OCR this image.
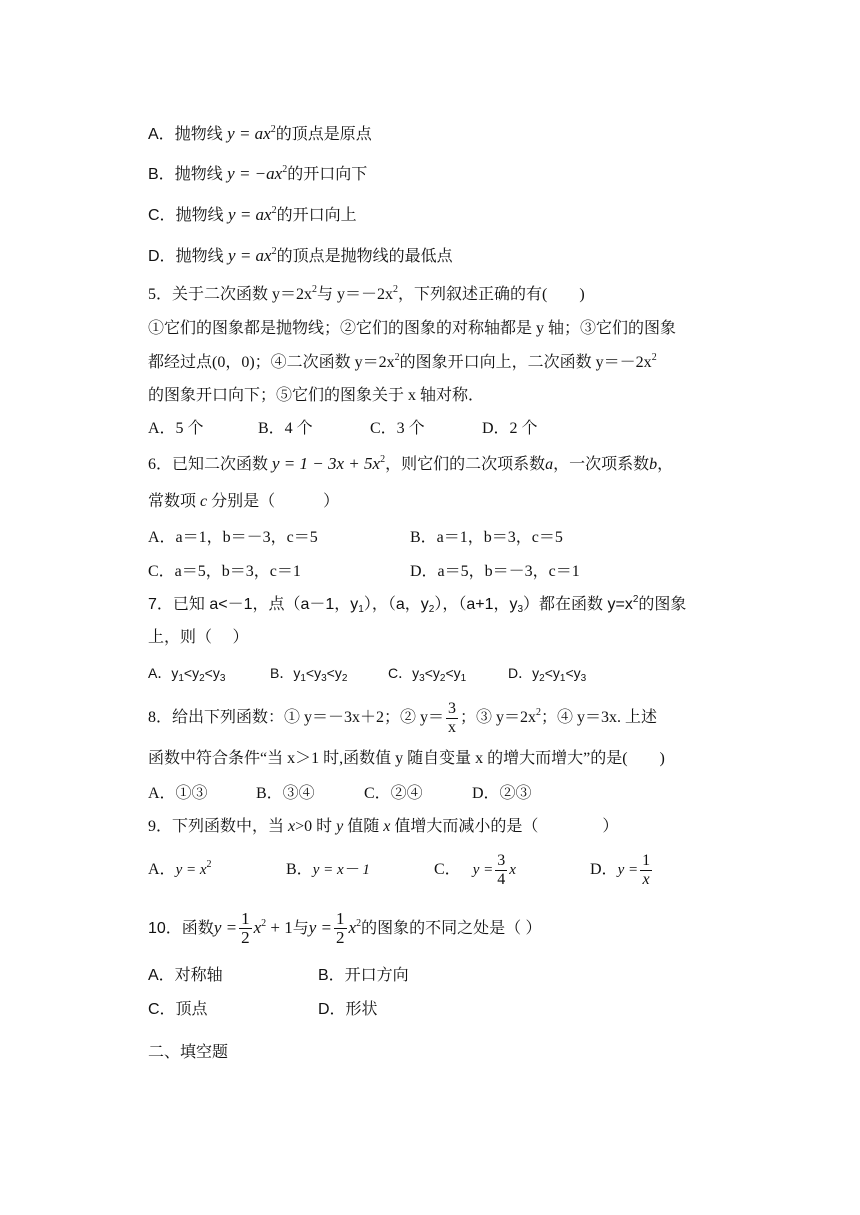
A．抛物线 $y = ax^2$的顶点是原点
B．抛物线 $y = -ax^2$的开口向下
C．抛物线 $y = ax^2$的开口向上
D．抛物线 $y = ax^2$的顶点是抛物线的最低点
5．关于二次函数 $y=2x^2$与 $y=-2x^2$，下列叙述正确的有(　　)
①它们的图象都是抛物线；②它们的图象的对称轴都是 y 轴；③它们的图象
都经过点(0，0)；④二次函数 $y=2x^2$的图象开口向上，二次函数 $y=-2x^2$
的图象开口向下；⑤它们的图象关于 x 轴对称．
A．5 个	B．4 个	C．3 个	D．2 个
6．已知二次函数 $y = 1 - 3x + 5x^2$，则它们的二次项系数a，一次项系数b，
常数项 c 分别是（　　　）
A．a＝1，b＝－3，c＝5	B．a＝1，b＝3，c＝5
C．a＝5，b＝3，c＝1	D．a＝5，b＝－3，c＝1
7．已知 a<－1，点（a－1，y1），（a，y2），（a+1，y3）都在函数 $y=x^2$的图象
上，则（　 ）
A．$y_1<y_2<y_3$	B．$y_1<y_3<y_2$	C．$y_3<y_2<y_1$	D．$y_2<y_1<y_3$
8．给出下列函数：① y＝－3x＋2；② $y= \frac{3}{x}$ ；③ $y=2x^2$；④ y＝3x. 上述
函数中符合条件“当 x＞1 时,函数值 y 随自变量 x 的增大而增大”的是(　　)
A．①③	B．③④	C．②④	D．②③
9．下列函数中，当 x>0 时 y 值随 x 值增大而减小的是（　　　　）
A．$y = x^2$	B．y = x－ 1	C． $y = \frac{3}{4}$ x	D．$y = \frac{1}{x}$
10．函数$y = \frac{1}{2} x^2 + 1$与$y = \frac{1}{2} x^2$的图象的不同之处是（ ）
A．对称轴	B．开口方向
C．顶点	D．形状
二、填空题
